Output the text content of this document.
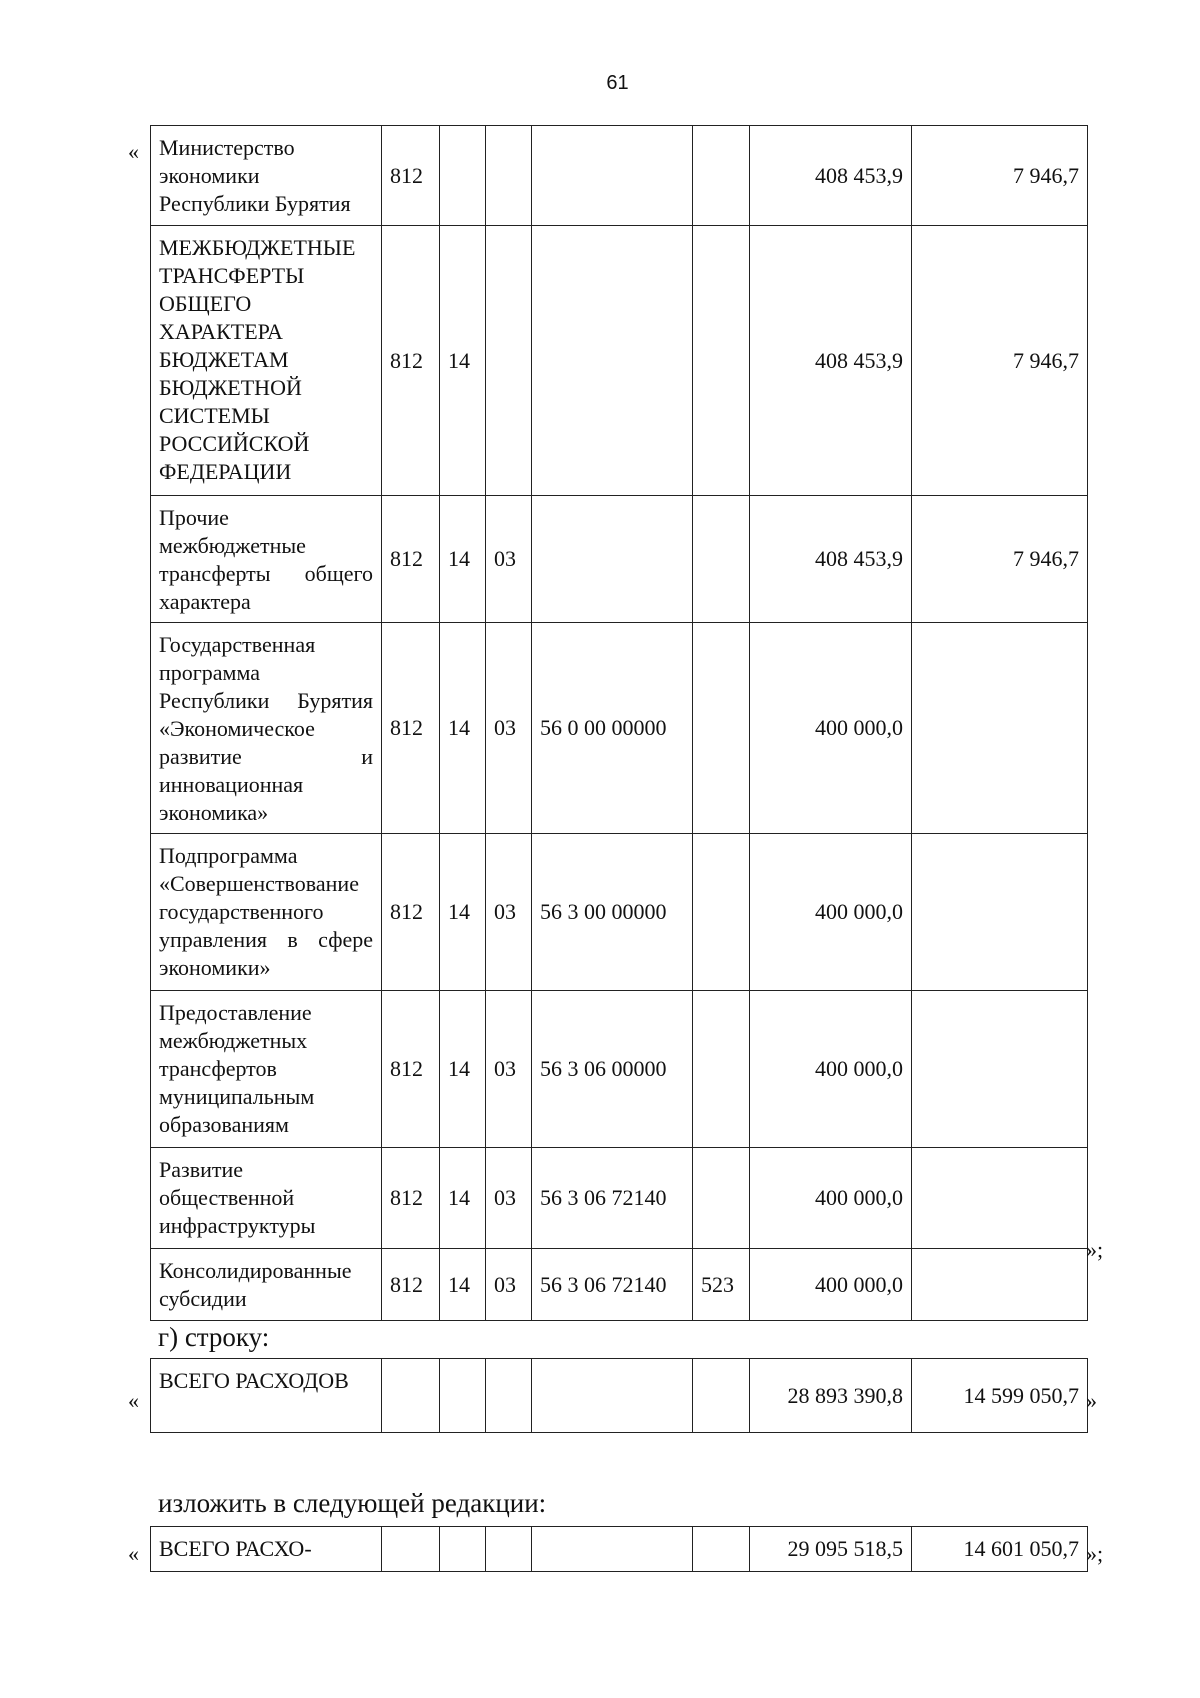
61
« Министерство экономики Республики Бурятия	812					408 453,9	7 946,7
МЕЖБЮДЖЕТНЫЕ ТРАНСФЕРТЫ ОБЩЕГО ХАРАКТЕРА БЮДЖЕТАМ БЮДЖЕТНОЙ СИСТЕМЫ РОССИЙСКОЙ ФЕДЕРАЦИИ	812	14				408 453,9	7 946,7
Прочие межбюджетные трансферты общего характера	812	14	03			408 453,9	7 946,7
Государственная программа Республики Бурятия «Экономическое развитие и инновационная экономика»	812	14	03	56 0 00 00000		400 000,0	
Подпрограмма «Совершенствование государственного управления в сфере экономики»	812	14	03	56 3 00 00000		400 000,0	
Предоставление межбюджетных трансфертов муниципальным образованиям	812	14	03	56 3 06 00000		400 000,0	
Развитие общественной инфраструктуры	812	14	03	56 3 06 72140		400 000,0	
Консолидированные субсидии	812	14	03	56 3 06 72140	523	400 000,0	
»;
г) строку:
«
ВСЕГО РАСХОДОВ						28 893 390,8	14 599 050,7 »
изложить в следующей редакции:
« ВСЕГО РАСХО-						29 095 518,5	14 601 050,7 »;
